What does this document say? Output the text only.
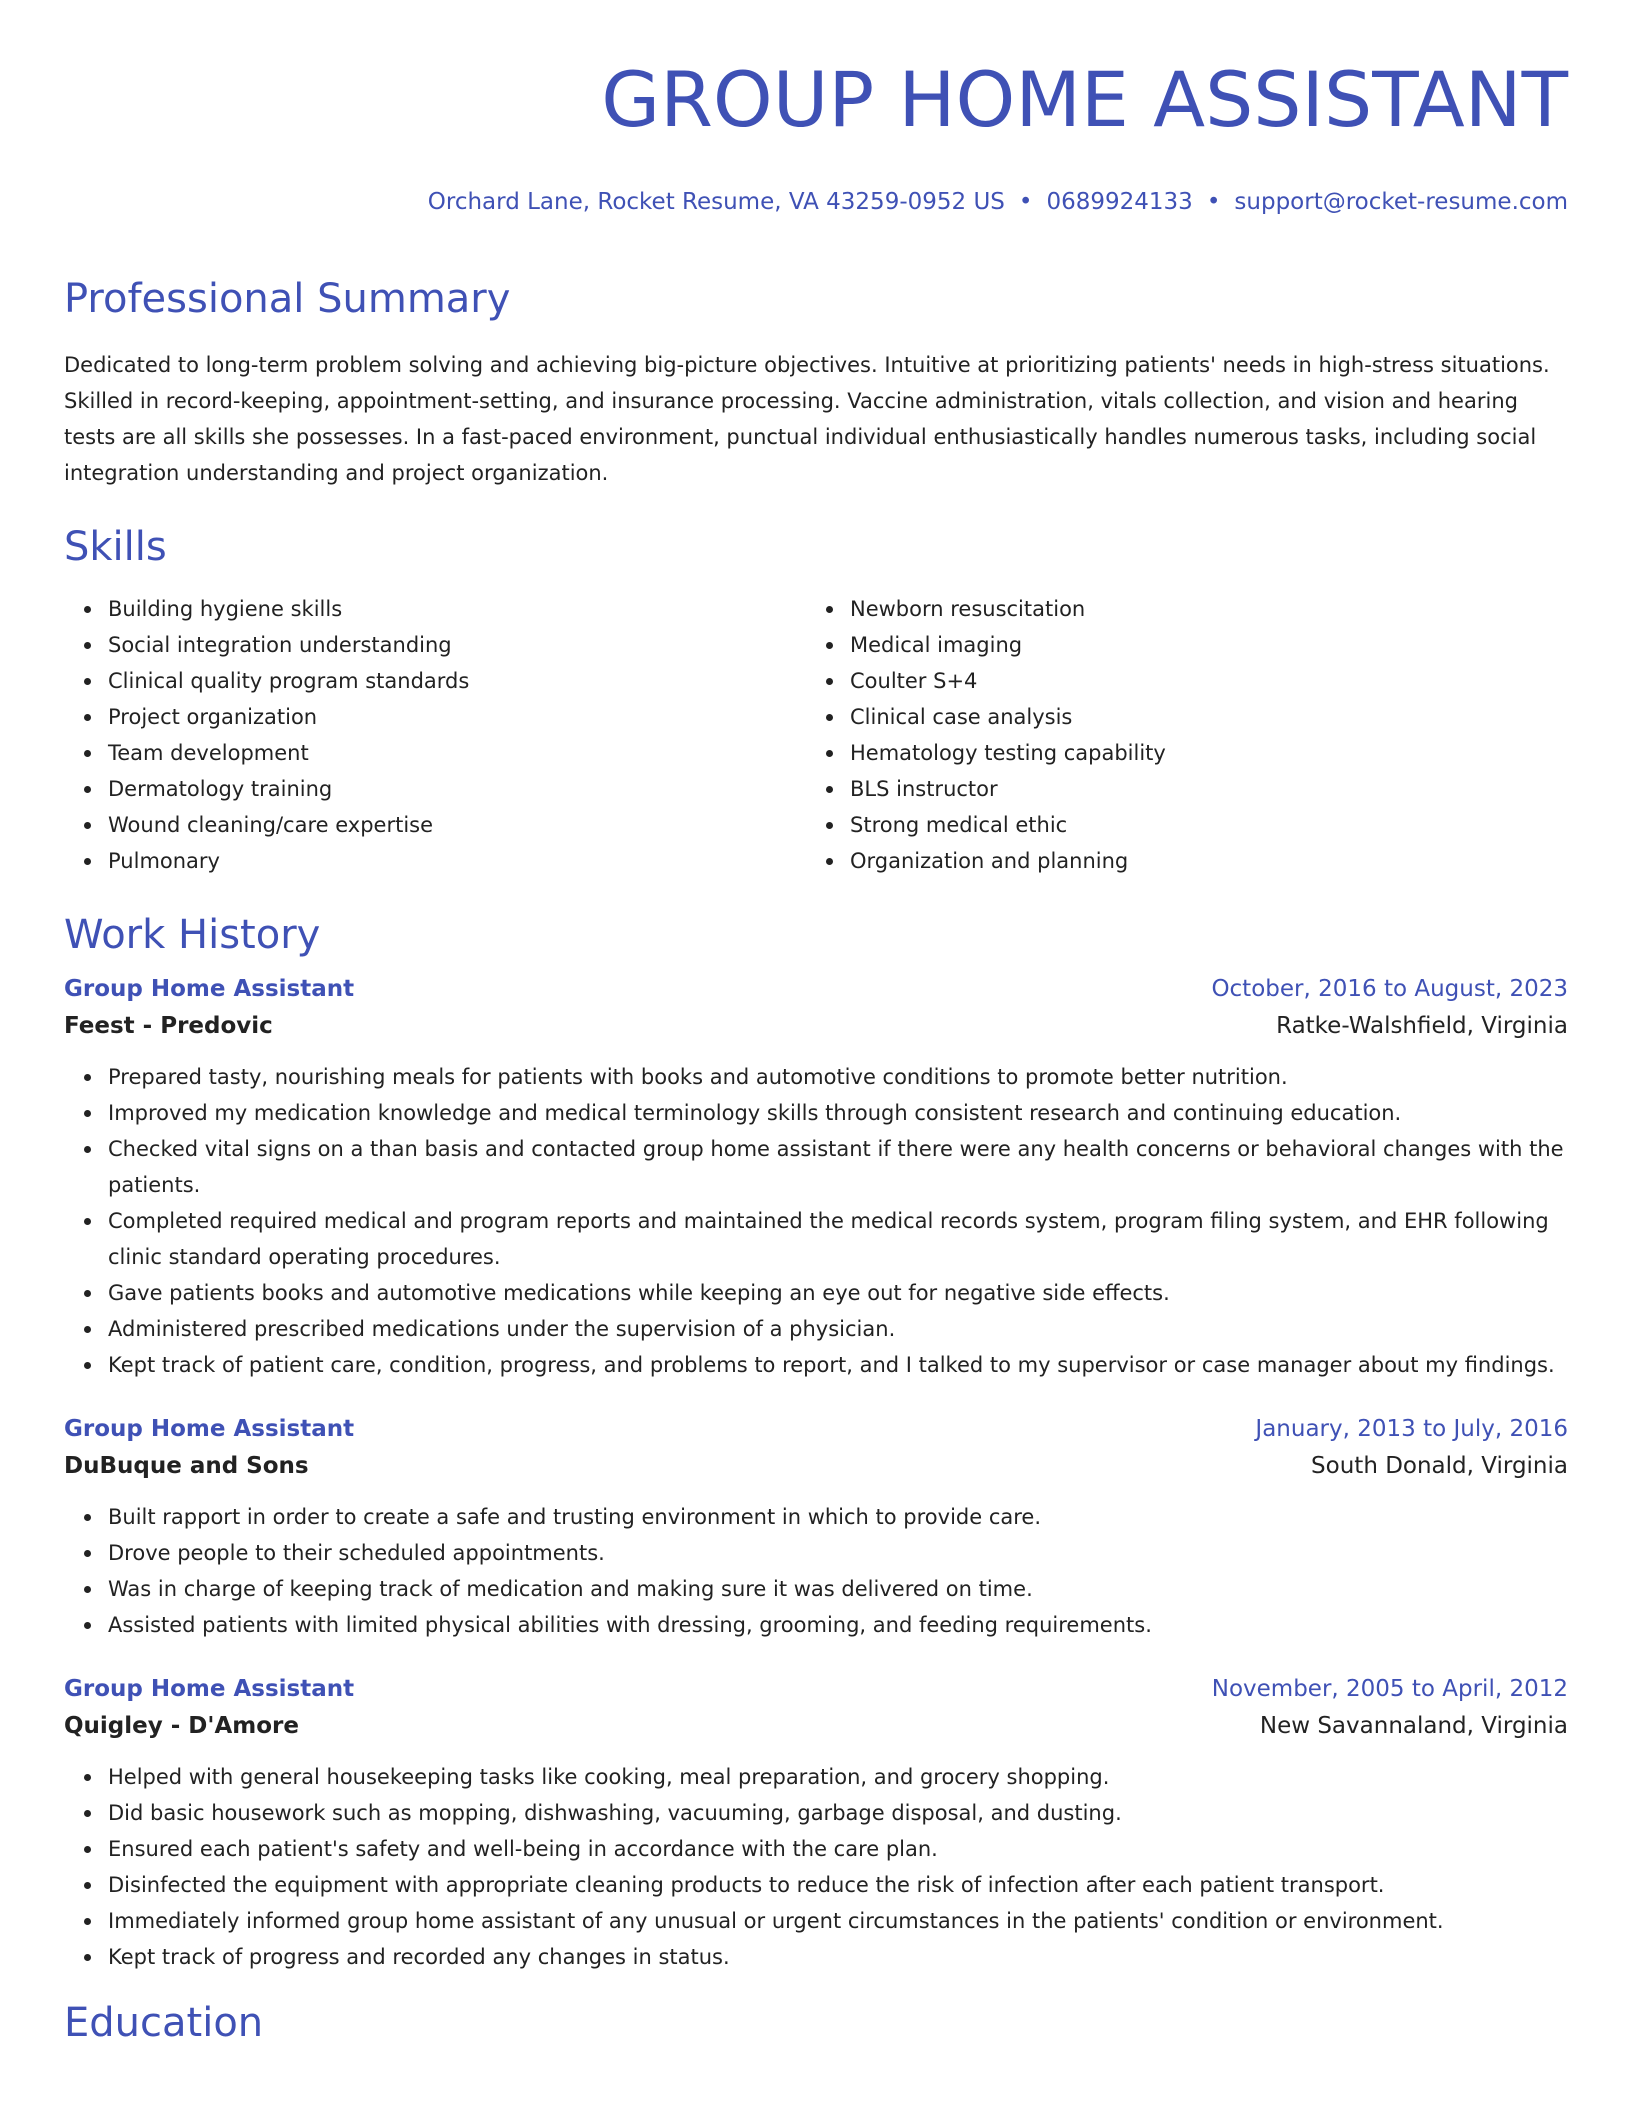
GROUP HOME ASSISTANT
Orchard Lane, Rocket Resume, VA 43259-0952 US • 0689924133 • support@rocket-resume.com
Professional Summary

Dedicated to long-term problem solving and achieving big-picture objectives. Intuitive at prioritizing patients' needs in high-stress situations. Skilled in record-keeping, appointment-setting, and insurance processing. Vaccine administration, vitals collection, and vision and hearing tests are all skills she possesses. In a fast-paced environment, punctual individual enthusiastically handles numerous tasks, including social integration understanding and project organization.

Skills
Building hygiene skills
Social integration understanding
Clinical quality program standards
Project organization
Team development
Dermatology training
Wound cleaning/care expertise
Pulmonary
Newborn resuscitation
Medical imaging
Coulter S+4
Clinical case analysis
Hematology testing capability
BLS instructor
Strong medical ethic
Organization and planning
Work History
Group Home Assistant	October, 2016 to August, 2023
Feest - Predovic	Ratke-Walshfield, Virginia
Prepared tasty, nourishing meals for patients with books and automotive conditions to promote better nutrition.
Improved my medication knowledge and medical terminology skills through consistent research and continuing education.
Checked vital signs on a than basis and contacted group home assistant if there were any health concerns or behavioral changes with the patients.
Completed required medical and program reports and maintained the medical records system, program filing system, and EHR following clinic standard operating procedures.
Gave patients books and automotive medications while keeping an eye out for negative side effects.
Administered prescribed medications under the supervision of a physician.
Kept track of patient care, condition, progress, and problems to report, and I talked to my supervisor or case manager about my findings.
Group Home Assistant	January, 2013 to July, 2016
DuBuque and Sons	South Donald, Virginia
Built rapport in order to create a safe and trusting environment in which to provide care.
Drove people to their scheduled appointments.
Was in charge of keeping track of medication and making sure it was delivered on time.
Assisted patients with limited physical abilities with dressing, grooming, and feeding requirements.
Group Home Assistant	November, 2005 to April, 2012
Quigley - D'Amore	New Savannaland, Virginia
Helped with general housekeeping tasks like cooking, meal preparation, and grocery shopping.
Did basic housework such as mopping, dishwashing, vacuuming, garbage disposal, and dusting.
Ensured each patient's safety and well-being in accordance with the care plan.
Disinfected the equipment with appropriate cleaning products to reduce the risk of infection after each patient transport.
Immediately informed group home assistant of any unusual or urgent circumstances in the patients' condition or environment.
Kept track of progress and recorded any changes in status.
Education
